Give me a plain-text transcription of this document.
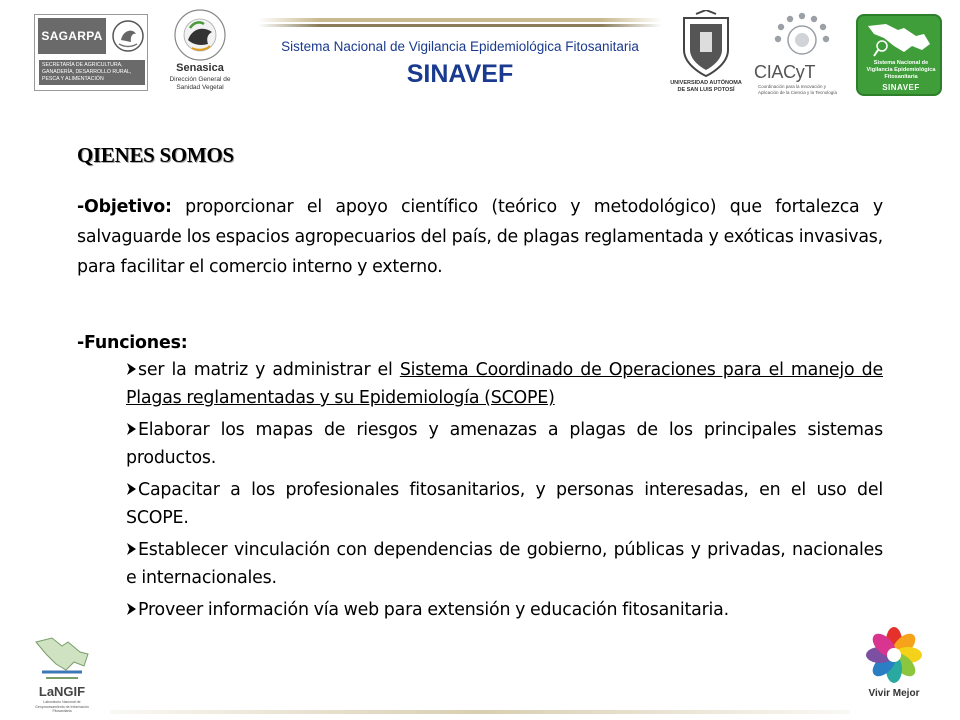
SAGARPA
SECRETARÍA DE AGRICULTURA, GANADERÍA, DESARROLLO RURAL, PESCA Y ALIMENTACIÓN
Senasica
Dirección General de Sanidad Vegetal
Sistema Nacional de Vigilancia Epidemiológica Fitosanitaria
SINAVEF	UNIVERSIDAD AUTÓNOMA DE SAN LUIS POTOSÍ
CIACyT
Coordinación para la Innovación y Aplicación de la Ciencia y la Tecnología
Sistema Nacional de Vigilancia Epidemiológica Fitosanitaria
SINAVEF
QIENES SOMOS

-Objetivo: proporcionar el apoyo científico (teórico y metodológico) que fortalezca y salvaguarde los espacios agropecuarios del país, de plagas reglamentada y exóticas invasivas, para facilitar el comercio interno y externo.

-Funciones:

ser la matriz y administrar el Sistema Coordinado de Operaciones para el manejo de Plagas reglamentadas y su Epidemiología (SCOPE)
Elaborar los mapas de riesgos y amenazas a plagas de los principales sistemas productos.
Capacitar a los profesionales fitosanitarios, y personas interesadas, en el uso del SCOPE.
Establecer vinculación con dependencias de gobierno, públicas y privadas, nacionales e internacionales.
Proveer información vía web para extensión y educación fitosanitaria.
LaNGIF
Laboratorio Nacional de Geoprocesamiento de Información Fitosanitaria
Vivir Mejor
